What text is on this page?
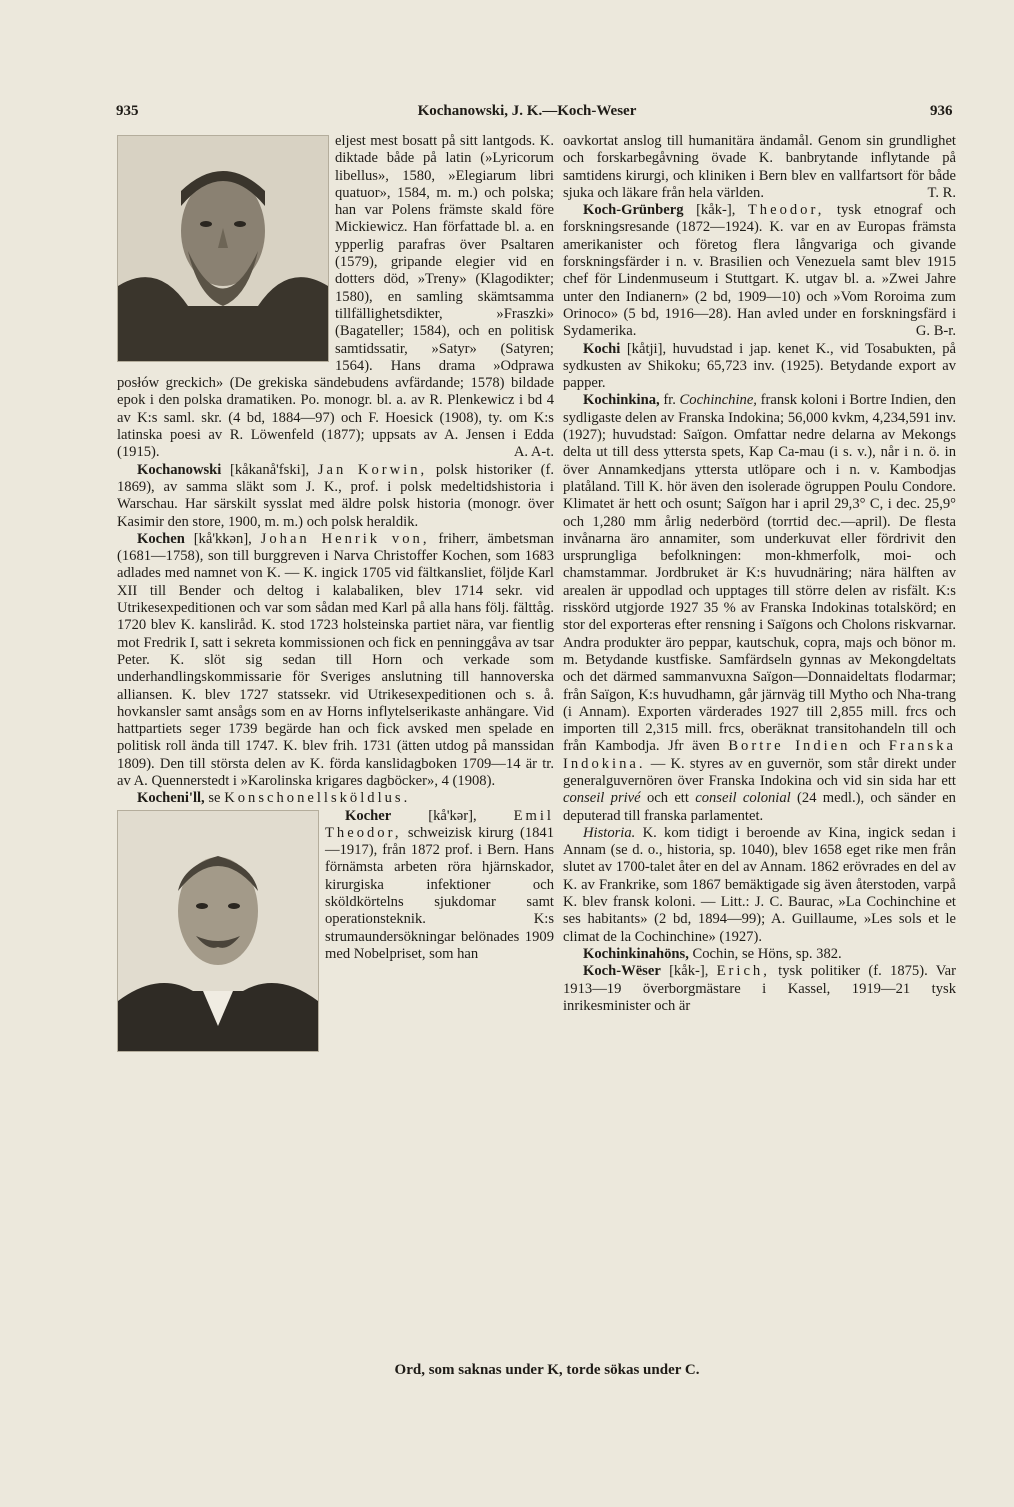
935	Kochanowski, J. K.—Koch-Weser	936

eljest mest bosatt på sitt lantgods. K. diktade både på latin (»Lyricorum libellus», 1580, »Elegiarum libri quatuor», 1584, m. m.) och polska; han var Polens främste skald före Mickiewicz. Han författade bl. a. en ypperlig parafras över Psaltaren (1579), gripande elegier vid en dotters död, »Treny» (Klagodikter; 1580), en samling skämtsamma tillfällighetsdikter, »Fraszki» (Bagateller; 1584), och en politisk samtidssatir, »Satyr» (Satyren; 1564). Hans drama »Odprawa posłów greckich» (De grekiska sändebudens avfärdande; 1578) bildade epok i den polska dramatiken. Po. monogr. bl. a. av R. Plenkewicz i bd 4 av K:s saml. skr. (4 bd, 1884—97) och F. Hoesick (1908), ty. om K:s latinska poesi av R. Löwenfeld (1877); uppsats av A. Jensen i Edda (1915).	A. A-t.

Kochanowski [kåkanå'fski], Jan Korwin, polsk historiker (f. 1869), av samma släkt som J. K., prof. i polsk medeltidshistoria i Warschau. Har särskilt sysslat med äldre polsk historia (monogr. över Kasimir den store, 1900, m. m.) och polsk heraldik.

Kochen [kå'kkən], Johan Henrik von, friherr, ämbetsman (1681—1758), son till burggreven i Narva Christoffer Kochen, som 1683 adlades med namnet von K. — K. ingick 1705 vid fältkansliet, följde Karl XII till Bender och deltog i kalabaliken, blev 1714 sekr. vid Utrikesexpeditionen och var som sådan med Karl på alla hans följ. fälttåg. 1720 blev K. kansliråd. K. stod 1723 holsteinska partiet nära, var fientlig mot Fredrik I, satt i sekreta kommissionen och fick en penninggåva av tsar Peter. K. slöt sig sedan till Horn och verkade som underhandlingskommissarie för Sveriges anslutning till hannoverska alliansen. K. blev 1727 statssekr. vid Utrikesexpeditionen och s. å. hovkansler samt ansågs som en av Horns inflytelserikaste anhängare. Vid hattpartiets seger 1739 begärde han och fick avsked men spelade en politisk roll ända till 1747. K. blev frih. 1731 (ätten utdog på manssidan 1809). Den till största delen av K. förda kanslidagboken 1709—14 är tr. av A. Quennerstedt i »Karolinska krigares dagböcker», 4 (1908).

Kocheni'll, se Konschonellsköldlus.

Kocher	[kå'kər],	Emil Theodor, schweizisk kirurg (1841—1917), från 1872 prof. i Bern. Hans förnämsta arbeten röra hjärnskador, kirurgiska infektioner och sköldkörtelns sjukdomar samt operationsteknik. K:s strumaundersökningar belönades 1909 med Nobelpriset, som han

oavkortat anslog till humanitära ändamål. Genom sin grundlighet och forskarbegåvning övade K. banbrytande inflytande på samtidens kirurgi, och kliniken i Bern blev en vallfartsort för både sjuka och läkare från hela världen.	T. R.

Koch-Grünberg [kåk-], Theodor, tysk etnograf och forskningsresande (1872—1924). K. var en av Europas främsta amerikanister och företog flera långvariga och givande forskningsfärder i n. v. Brasilien och Venezuela samt blev 1915 chef för Lindenmuseum i Stuttgart. K. utgav bl. a. »Zwei Jahre unter den Indianern» (2 bd, 1909—10) och »Vom Roroima zum Orinoco» (5 bd, 1916—28). Han avled under en forskningsfärd i Sydamerika.	G. B-r.

Kochi [kåtji], huvudstad i jap. kenet K., vid Tosabukten, på sydkusten av Shikoku; 65,723 inv. (1925). Betydande export av papper.

Kochinkina, fr. Cochinchine, fransk koloni i Bortre Indien, den sydligaste delen av Franska Indokina; 56,000 kvkm, 4,234,591 inv. (1927); huvudstad: Saïgon. Omfattar nedre delarna av Mekongs delta ut till dess yttersta spets, Kap Ca-mau (i s. v.), når i n. ö. in över Annamkedjans yttersta utlöpare och i n. v. Kambodjas platåland. Till K. hör även den isolerade ögruppen Poulu Condore. Klimatet är hett och osunt; Saïgon har i april 29,3° C, i dec. 25,9° och 1,280 mm årlig nederbörd (torrtid dec.—april). De flesta invånarna äro annamiter, som underkuvat eller fördrivit den ursprungliga befolkningen: mon-khmerfolk, moi- och chamstammar. Jordbruket är K:s huvudnäring; nära hälften av arealen är uppodlad och upptages till större delen av risfält. K:s risskörd utgjorde 1927 35 % av Franska Indokinas totalskörd; en stor del exporteras efter rensning i Saïgons och Cholons riskvarnar. Andra produkter äro peppar, kautschuk, copra, majs och bönor m. m. Betydande kustfiske. Samfärdseln gynnas av Mekongdeltats och det därmed sammanvuxna Saïgon—Donnaideltats flodarmar; från Saïgon, K:s huvudhamn, går järnväg till Mytho och Nha-trang (i Annam). Exporten värderades 1927 till 2,855 mill. frcs och importen till 2,315 mill. frcs, oberäknat transitohandeln till och från Kambodja. Jfr även Bortre Indien och Franska Indokina. — K. styres av en guvernör, som står direkt under generalguvernören över Franska Indokina och vid sin sida har ett conseil privé och ett conseil colonial (24 medl.), och sänder en deputerad till franska parlamentet.

Historia. K. kom tidigt i beroende av Kina, ingick sedan i Annam (se d. o., historia, sp. 1040), blev 1658 eget rike men från slutet av 1700-talet åter en del av Annam. 1862 erövrades en del av K. av Frankrike, som 1867 bemäktigade sig även återstoden, varpå K. blev fransk koloni. — Litt.: J. C. Baurac, »La Cochinchine et ses habitants» (2 bd, 1894—99); A. Guillaume, »Les sols et le climat de la Cochinchine» (1927).

Kochinkinahöns, Cochin, se Höns, sp. 382.

Koch-Wëser [kåk-], Erich, tysk politiker (f. 1875). Var 1913—19 överborgmästare i Kassel, 1919—21 tysk inrikesminister och är

Ord, som saknas under K, torde sökas under C.
